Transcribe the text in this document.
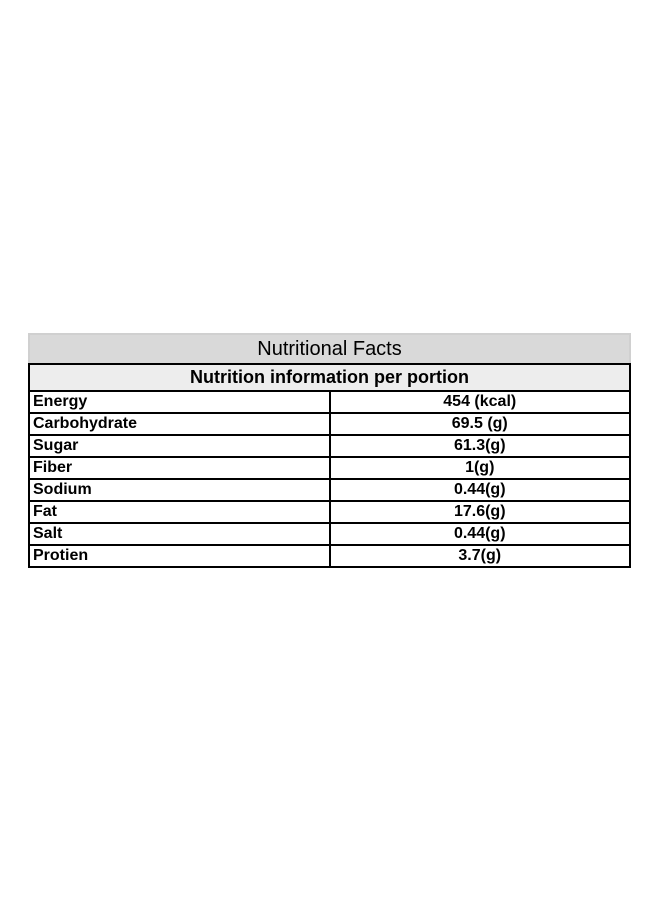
Nutritional Facts	
Nutrition information per portion	
Energy	454 (kcal)
Carbohydrate	69.5 (g)
Sugar	61.3(g)
Fiber	1(g)
Sodium	0.44(g)
Fat	17.6(g)
Salt	0.44(g)
Protien	3.7(g)
